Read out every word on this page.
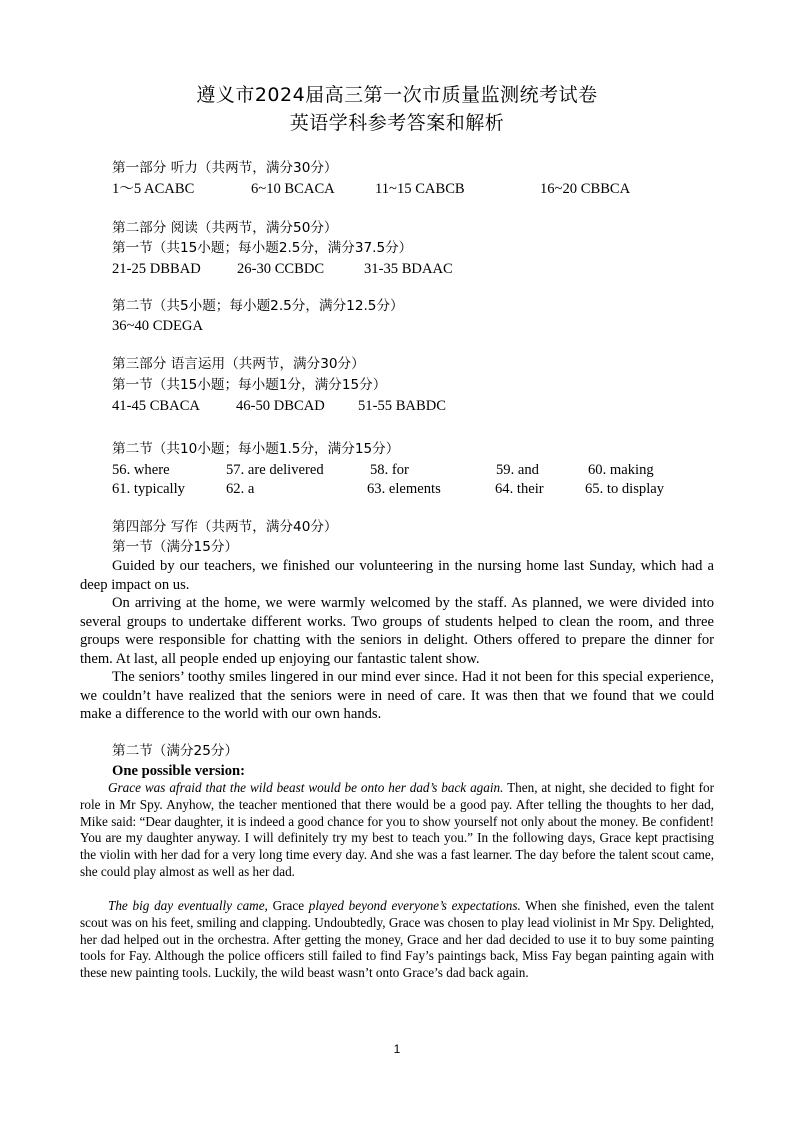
遵义市2024届高三第一次市质量监测统考试卷
英语学科参考答案和解析
第一部分 听力（共两节，满分30分）
1～5 ACABC	6~10 BCACA	11~15 CABCB	16~20 CBBCA
第二部分 阅读（共两节，满分50分）
第一节（共15小题；每小题2.5分，满分37.5分）
21-25 DBBAD 26-30 CCBDC	31-35 BDAAC
第二节（共5小题；每小题2.5分，满分12.5分）
36~40 CDEGA
第三部分 语言运用（共两节，满分30分）
第一节（共15小题；每小题1分，满分15分）
41-45 CBACA 46-50 DBCAD 51-55 BABDC
第二节（共10小题；每小题1.5分，满分15分）
56. where	57. are delivered	58. for	59. and	60. making
61. typically	62. a	63. elements	64. their	65. to display
第四部分 写作（共两节，满分40分）
第一节（满分15分）
Guided by our teachers, we finished our volunteering in the nursing home last Sunday, which had a deep impact on us.
On arriving at the home, we were warmly welcomed by the staff. As planned, we were divided into several groups to undertake different works. Two groups of students helped to clean the room, and three groups were responsible for chatting with the seniors in delight. Others offered to prepare the dinner for them. At last, all people ended up enjoying our fantastic talent show.
The seniors’ toothy smiles lingered in our mind ever since. Had it not been for this special experience, we couldn’t have realized that the seniors were in need of care. It was then that we found that we could make a difference to the world with our own hands.
第二节（满分25分）
One possible version:
Grace was afraid that the wild beast would be onto her dad’s back again. Then, at night, she decided to fight for role in Mr Spy. Anyhow, the teacher mentioned that there would be a good pay. After telling the thoughts to her dad, Mike said: “Dear daughter, it is indeed a good chance for you to show yourself not only about the money. Be confident! You are my daughter anyway. I will definitely try my best to teach you.” In the following days, Grace kept practising the violin with her dad for a very long time every day. And she was a fast learner. The day before the talent scout came, she could play almost as well as her dad.
The big day eventually came, Grace played beyond everyone’s expectations. When she finished, even the talent scout was on his feet, smiling and clapping. Undoubtedly, Grace was chosen to play lead violinist in Mr Spy. Delighted, her dad helped out in the orchestra. After getting the money, Grace and her dad decided to use it to buy some painting tools for Fay. Although the police officers still failed to find Fay’s paintings back, Miss Fay began painting again with these new painting tools. Luckily, the wild beast wasn’t onto Grace’s dad back again.
1
